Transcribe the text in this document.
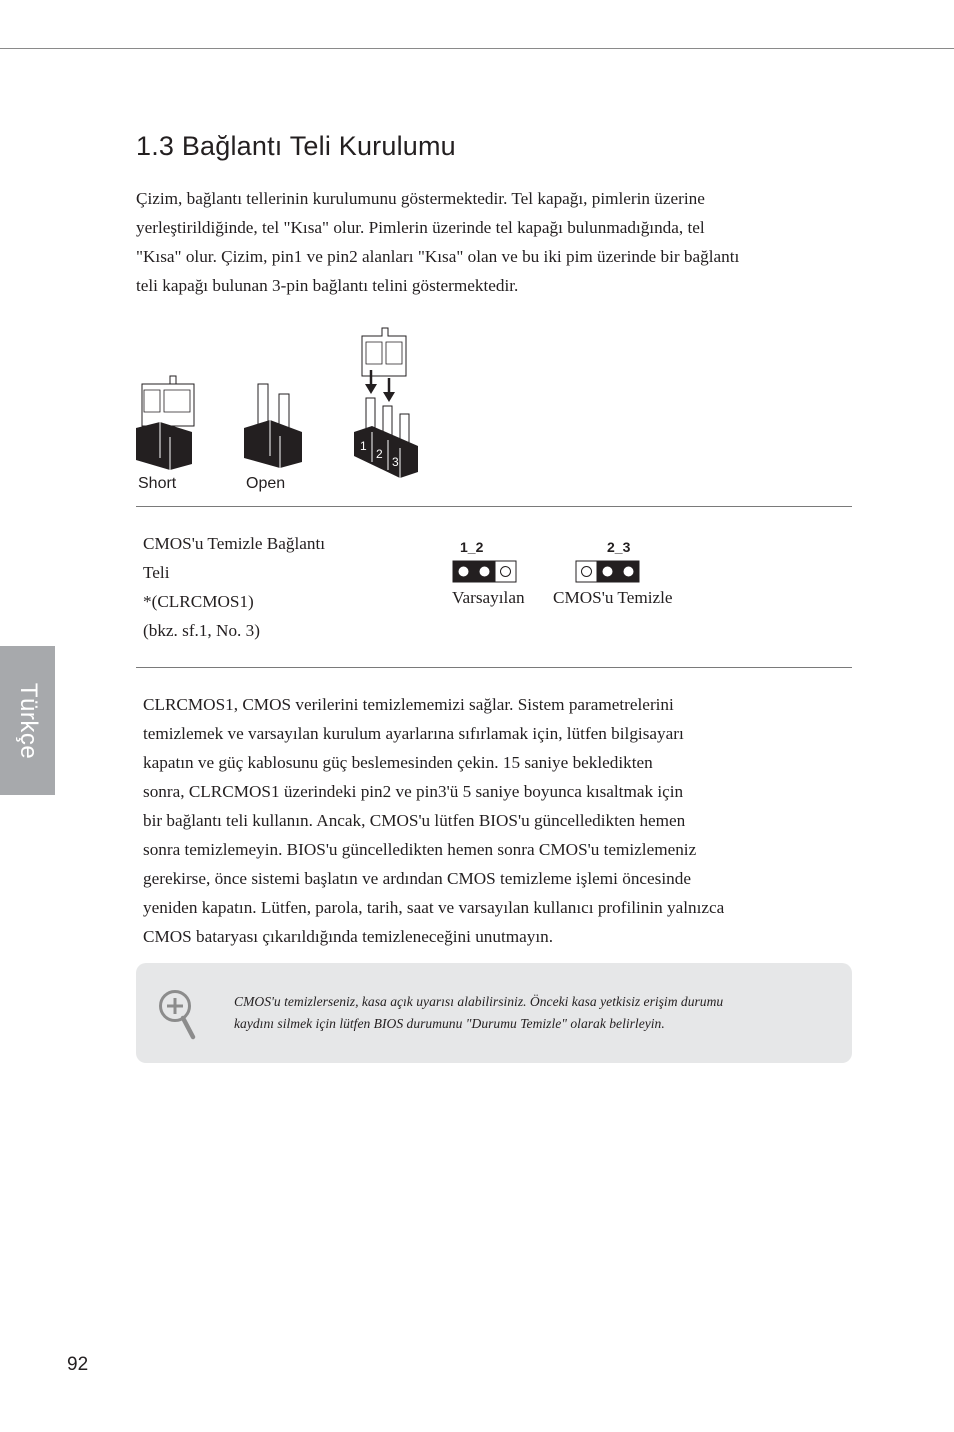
Türkçe
1.3 Bağlantı Teli Kurulumu
Çizim, bağlantı tellerinin kurulumunu göstermektedir. Tel kapağı, pimlerin üzerine
yerleştirildiğinde, tel "Kısa" olur. Pimlerin üzerinde tel kapağı bulunmadığında, tel
"Kısa" olur. Çizim, pin1 ve pin2 alanları "Kısa" olan ve bu iki pim üzerinde bir bağlantı
teli kapağı bulunan 3-pin bağlantı telini göstermektedir.
Short	Open
1
2
3
CMOS'u Temizle Bağlantı
Teli
*(CLRCMOS1)
(bkz. sf.1, No. 3)
1_2
Varsayılan
2_3
CMOS'u Temizle
CLRCMOS1, CMOS verilerini temizlememizi sağlar. Sistem parametrelerini
temizlemek ve varsayılan kurulum ayarlarına sıfırlamak için, lütfen bilgisayarı
kapatın ve güç kablosunu güç beslemesinden çekin. 15 saniye bekledikten
sonra, CLRCMOS1 üzerindeki pin2 ve pin3'ü 5 saniye boyunca kısaltmak için
bir bağlantı teli kullanın. Ancak, CMOS'u lütfen BIOS'u güncelledikten hemen
sonra temizlemeyin. BIOS'u güncelledikten hemen sonra CMOS'u temizlemeniz
gerekirse, önce sistemi başlatın ve ardından CMOS temizleme işlemi öncesinde
yeniden kapatın. Lütfen, parola, tarih, saat ve varsayılan kullanıcı profilinin yalnızca
CMOS bataryası çıkarıldığında temizleneceğini unutmayın.
CMOS'u temizlerseniz, kasa açık uyarısı alabilirsiniz. Önceki kasa yetkisiz erişim durumu
kaydını silmek için lütfen BIOS durumunu "Durumu Temizle" olarak belirleyin.
92
